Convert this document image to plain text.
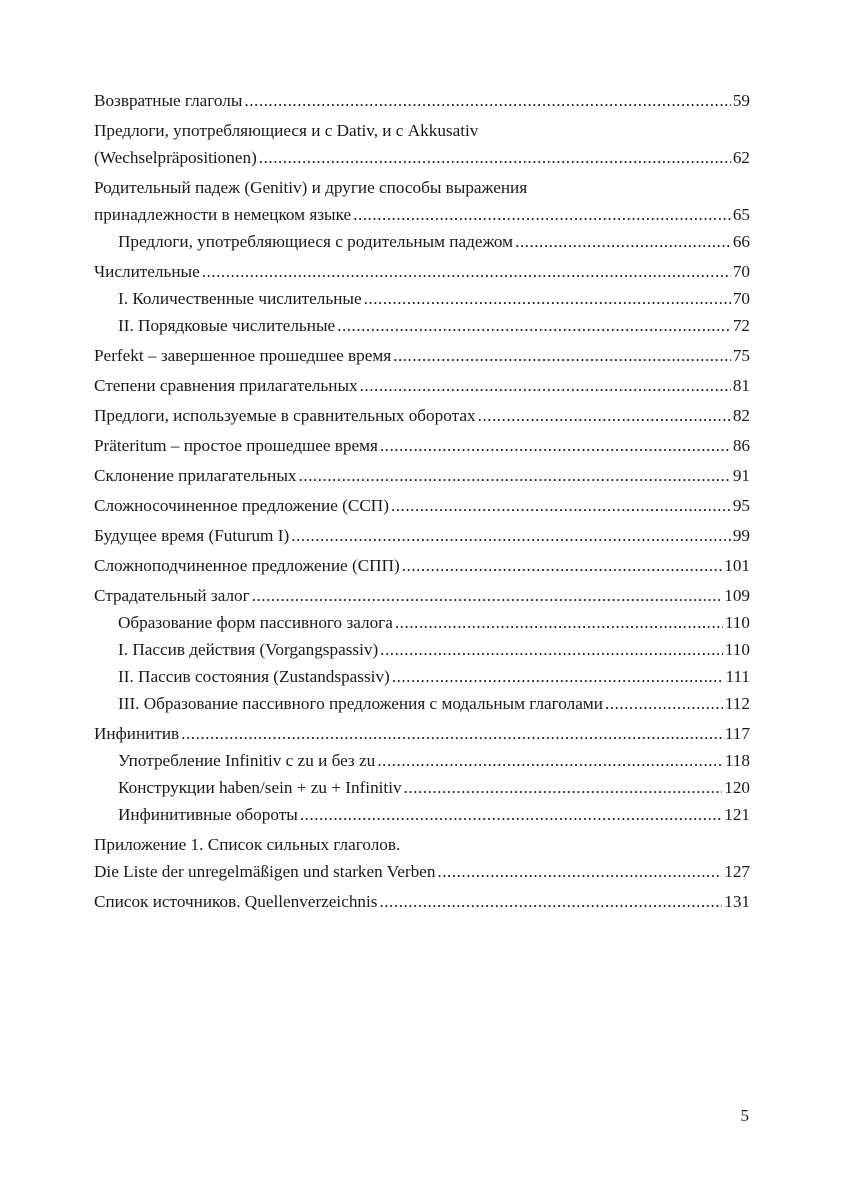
Возвратные глаголы .....	59
Предлоги, употребляющиеся и с Dativ, и с Akkusativ
(Wechselpräpositionen) .....	62
Родительный падеж (Genitiv) и другие способы выражения
принадлежности в немецком языке .....	65
Предлоги, употребляющиеся с родительным падежом .....	66
Числительные .....	70
I. Количественные числительные .....	70
II. Порядковые числительные .....	72
Perfekt – завершенное прошедшее время .....	75
Степени сравнения прилагательных .....	81
Предлоги, используемые в сравнительных оборотах .....	82
Präteritum – простое прошедшее время .....	86
Склонение прилагательных .....	91
Сложносочиненное предложение (ССП) .....	95
Будущее время (Futurum I) .....	99
Сложноподчиненное предложение (СПП) .....	101
Страдательный залог .....	109
Образование форм пассивного залога .....	110
I. Пассив действия (Vorgangspassiv) .....	110
II. Пассив состояния (Zustandspassiv) .....	111
III. Образование пассивного предложения с модальным глаголами .....	112
Инфинитив .....	117
Употребление Infinitiv с zu и без zu .....	118
Конструкции haben/sein + zu + Infinitiv .....	120
Инфинитивные обороты .....	121
Приложение 1. Список сильных глаголов.
Die Liste der unregelmäßigen und starken Verben .....	127
Список источников. Quellenverzeichnis .....	131
5
